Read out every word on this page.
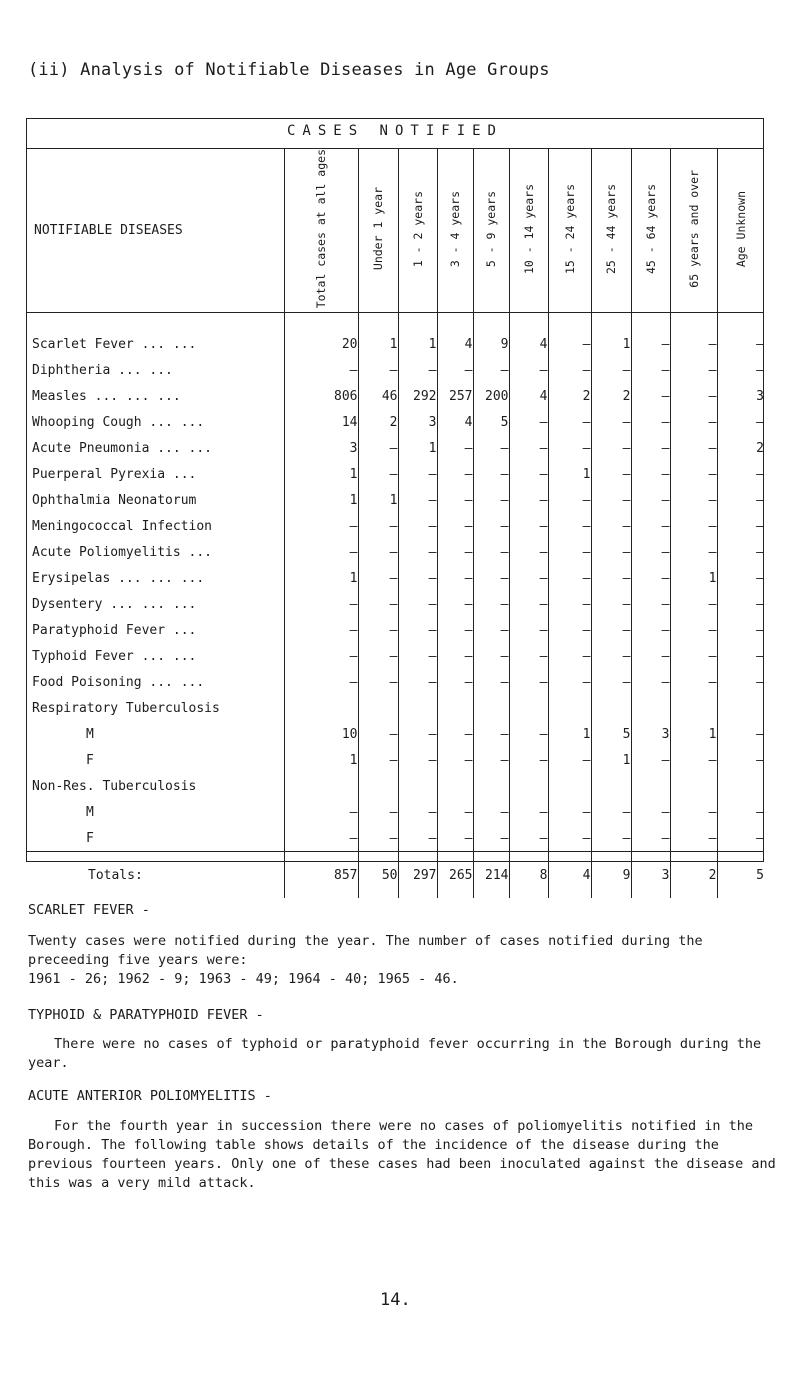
(ii) Analysis of Notifiable Diseases in Age Groups
CASES NOTIFIED
NOTIFIABLE DISEASES	Total cases at all ages	Under 1 year	1 - 2 years	3 - 4 years	5 - 9 years	10 - 14 years	15 - 24 years	25 - 44 years	45 - 64 years	65 years and over	Age Unknown
Scarlet Fever ... ...	20	1	1	4	9	4	–	1	–	–	–
Diphtheria ... ...	–	–	–	–	–	–	–	–	–	–	–
Measles ... ... ...	806	46	292	257	200	4	2	2	–	–	3
Whooping Cough ... ...	14	2	3	4	5	–	–	–	–	–	–
Acute Pneumonia ... ...	3	–	1	–	–	–	–	–	—	–	2
Puerperal Pyrexia ...	1	–	–	–	–	–	1	–	–	–	–
Ophthalmia Neonatorum	1	1	–	–	–	–	–	–	–	–	–
Meningococcal Infection	–	–	–	–	–	–	–	–	–	–	–
Acute Poliomyelitis ...	–	–	–	–	–	–	–	–	–	–	–
Erysipelas ... ... ...	1	–	–	–	–	–	–	–	–	1	–
Dysentery ... ... ...	–	–	–	–	–	–	–	–	–	–	–
Paratyphoid Fever ...	–	–	–	–	–	–	–	–	–	–	–
Typhoid Fever ... ...	–	–	–	–	–	–	–	–	–	–	–
Food Poisoning ... ...	–	–	–	–	–	–	–	–	–	–	–
Respiratory Tuberculosis											
M	10	–	–	–	–	–	1	5	3	1	–
F	1	–	–	–	–	–	–	1	–	–	–
Non-Res. Tuberculosis											
M	–	–	–	–	–	–	–	–	–	–	–
F	–	–	–	–	–	–	–	–	–	–	–
Totals:	857	50	297	265	214	8	4	9	3	2	5
SCARLET FEVER -

Twenty cases were notified during the year. The number of cases notified during the preceeding five years were:

1961 - 26; 1962 - 9; 1963 - 49; 1964 - 40; 1965 - 46.

TYPHOID & PARATYPHOID FEVER -

There were no cases of typhoid or paratyphoid fever occurring in the Borough during the year.

ACUTE ANTERIOR POLIOMYELITIS -

For the fourth year in succession there were no cases of poliomyelitis notified in the Borough. The following table shows details of the incidence of the disease during the previous fourteen years. Only one of these cases had been inoculated against the disease and this was a very mild attack.

14.
